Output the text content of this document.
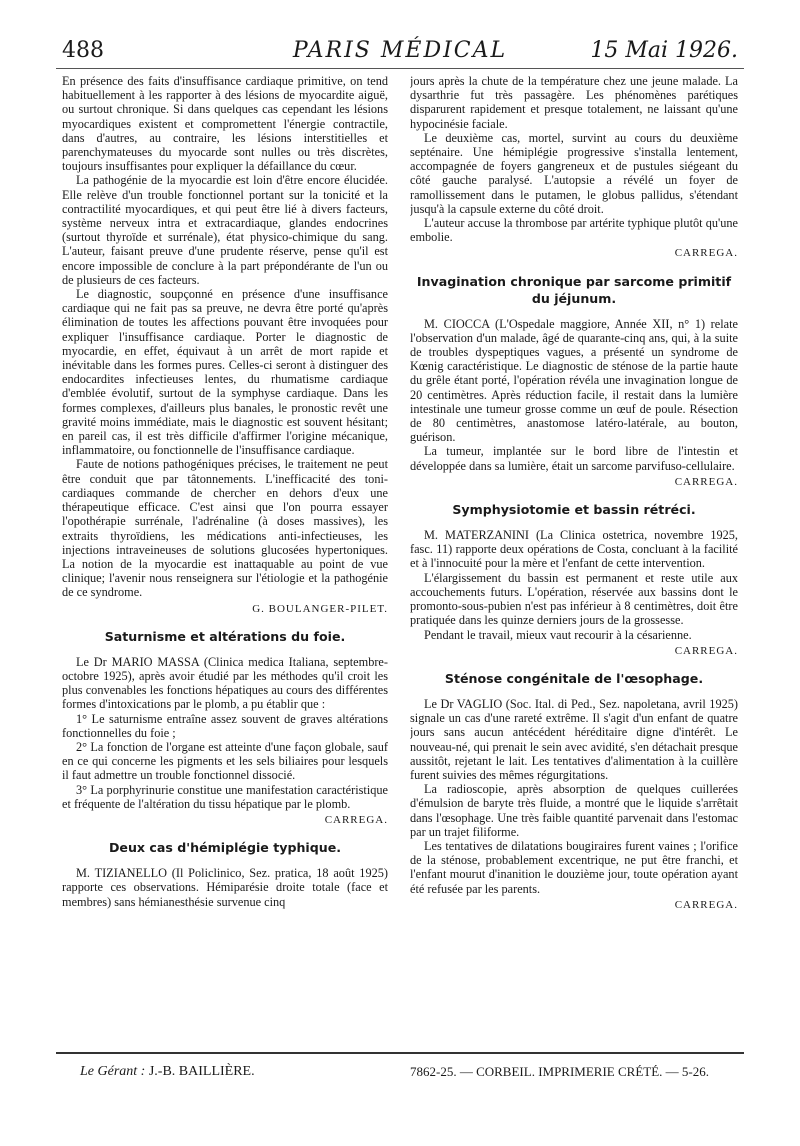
488	PARIS MÉDICAL	15 Mai 1926.

En présence des faits d'insuffisance cardiaque primitive, on tend habituellement à les rapporter à des lésions de myocardite aiguë, ou surtout chronique. Si dans quelques cas cependant les lésions myocardiques existent et compromettent l'énergie contractile, dans d'autres, au contraire, les lésions interstitielles et parenchymateuses du myocarde sont nulles ou très discrètes, toujours insuffisantes pour expliquer la défaillance du cœur.

La pathogénie de la myocardie est loin d'être encore élucidée. Elle relève d'un trouble fonctionnel portant sur la tonicité et la contractilité myocardiques, et qui peut être lié à divers facteurs, système nerveux intra et extracardiaque, glandes endocrines (surtout thyroïde et surrénale), état physico-chimique du sang. L'auteur, faisant preuve d'une prudente réserve, pense qu'il est encore impossible de conclure à la part prépondérante de l'un ou de plusieurs de ces facteurs.

Le diagnostic, soupçonné en présence d'une insuffisance cardiaque qui ne fait pas sa preuve, ne devra être porté qu'après élimination de toutes les affections pouvant être invoquées pour expliquer l'insuffisance cardiaque. Porter le diagnostic de myocardie, en effet, équivaut à un arrêt de mort rapide et inévitable dans les formes pures. Celles-ci seront à distinguer des endocardites infectieuses lentes, du rhumatisme cardiaque d'emblée évolutif, surtout de la symphyse cardiaque. Dans les formes complexes, d'ailleurs plus banales, le pronostic revêt une gravité moins immédiate, mais le diagnostic est souvent hésitant; en pareil cas, il est très difficile d'affirmer l'origine mécanique, inflammatoire, ou fonctionnelle de l'insuffisance cardiaque.

Faute de notions pathogéniques précises, le traitement ne peut être conduit que par tâtonnements. L'inefficacité des toni-cardiaques commande de chercher en dehors d'eux une thérapeutique efficace. C'est ainsi que l'on pourra essayer l'opothérapie surrénale, l'adrénaline (à doses massives), les extraits thyroïdiens, les médications anti-infectieuses, les injections intraveineuses de solutions glucosées hypertoniques. La notion de la myocardie est inattaquable au point de vue clinique; l'avenir nous renseignera sur l'étiologie et la pathogénie de ce syndrome.

G. BOULANGER-PILET.
Saturnisme et altérations du foie.

Le Dr MARIO MASSA (Clinica medica Italiana, septembre-octobre 1925), après avoir étudié par les méthodes qu'il croit les plus convenables les fonctions hépatiques au cours des différentes formes d'intoxications par le plomb, a pu établir que :

1° Le saturnisme entraîne assez souvent de graves altérations fonctionnelles du foie ;

2° La fonction de l'organe est atteinte d'une façon globale, sauf en ce qui concerne les pigments et les sels biliaires pour lesquels il faut admettre un trouble fonctionnel dissocié.

3° La porphyrinurie constitue une manifestation caractéristique et fréquente de l'altération du tissu hépatique par le plomb.

CARREGA.
Deux cas d'hémiplégie typhique.

M. TIZIANELLO (Il Policlinico, Sez. pratica, 18 août 1925) rapporte ces observations. Hémiparésie droite totale (face et membres) sans hémianesthésie survenue cinq

jours après la chute de la température chez une jeune malade. La dysarthrie fut très passagère. Les phénomènes parétiques disparurent rapidement et presque totalement, ne laissant qu'une hypocinésie faciale.

Le deuxième cas, mortel, survint au cours du deuxième septénaire. Une hémiplégie progressive s'installa lentement, accompagnée de foyers gangreneux et de pustules siégeant du côté gauche paralysé. L'autopsie a révélé un foyer de ramollissement dans le putamen, le globus pallidus, s'étendant jusqu'à la capsule externe du côté droit.

L'auteur accuse la thrombose par artérite typhique plutôt qu'une embolie.

CARREGA.
Invagination chronique par sarcome primitif du jéjunum.

M. CIOCCA (L'Ospedale maggiore, Année XII, n° 1) relate l'observation d'un malade, âgé de quarante-cinq ans, qui, à la suite de troubles dyspeptiques vagues, a présenté un syndrome de Kœnig caractéristique. Le diagnostic de sténose de la partie haute du grêle étant porté, l'opération révéla une invagination longue de 20 centimètres. Après réduction facile, il restait dans la lumière intestinale une tumeur grosse comme un œuf de poule. Résection de 80 centimètres, anastomose latéro-latérale, au bouton, guérison.

La tumeur, implantée sur le bord libre de l'intestin et développée dans sa lumière, était un sarcome parvifuso-cellulaire.

CARREGA.
Symphysiotomie et bassin rétréci.

M. MATERZANINI (La Clinica ostetrica, novembre 1925, fasc. 11) rapporte deux opérations de Costa, concluant à la facilité et à l'innocuité pour la mère et l'enfant de cette intervention.

L'élargissement du bassin est permanent et reste utile aux accouchements futurs. L'opération, réservée aux bassins dont le promonto-sous-pubien n'est pas inférieur à 8 centimètres, doit être pratiquée dans les quinze derniers jours de la grossesse.

Pendant le travail, mieux vaut recourir à la césarienne.

CARREGA.
Sténose congénitale de l'œsophage.

Le Dr VAGLIO (Soc. Ital. di Ped., Sez. napoletana, avril 1925) signale un cas d'une rareté extrême. Il s'agit d'un enfant de quatre jours sans aucun antécédent héréditaire digne d'intérêt. Le nouveau-né, qui prenait le sein avec avidité, s'en détachait presque aussitôt, rejetant le lait. Les tentatives d'alimentation à la cuillère furent suivies des mêmes régurgitations.

La radioscopie, après absorption de quelques cuillerées d'émulsion de baryte très fluide, a montré que le liquide s'arrêtait dans l'œsophage. Une très faible quantité parvenait dans l'estomac par un trajet filiforme.

Les tentatives de dilatations bougiraires furent vaines ; l'orifice de la sténose, probablement excentrique, ne put être franchi, et l'enfant mourut d'inanition le douzième jour, toute opération ayant été refusée par les parents.

CARREGA.
Le Gérant : J.-B. BAILLIÈRE.	7862-25. — CORBEIL. IMPRIMERIE CRÉTÉ. — 5-26.
